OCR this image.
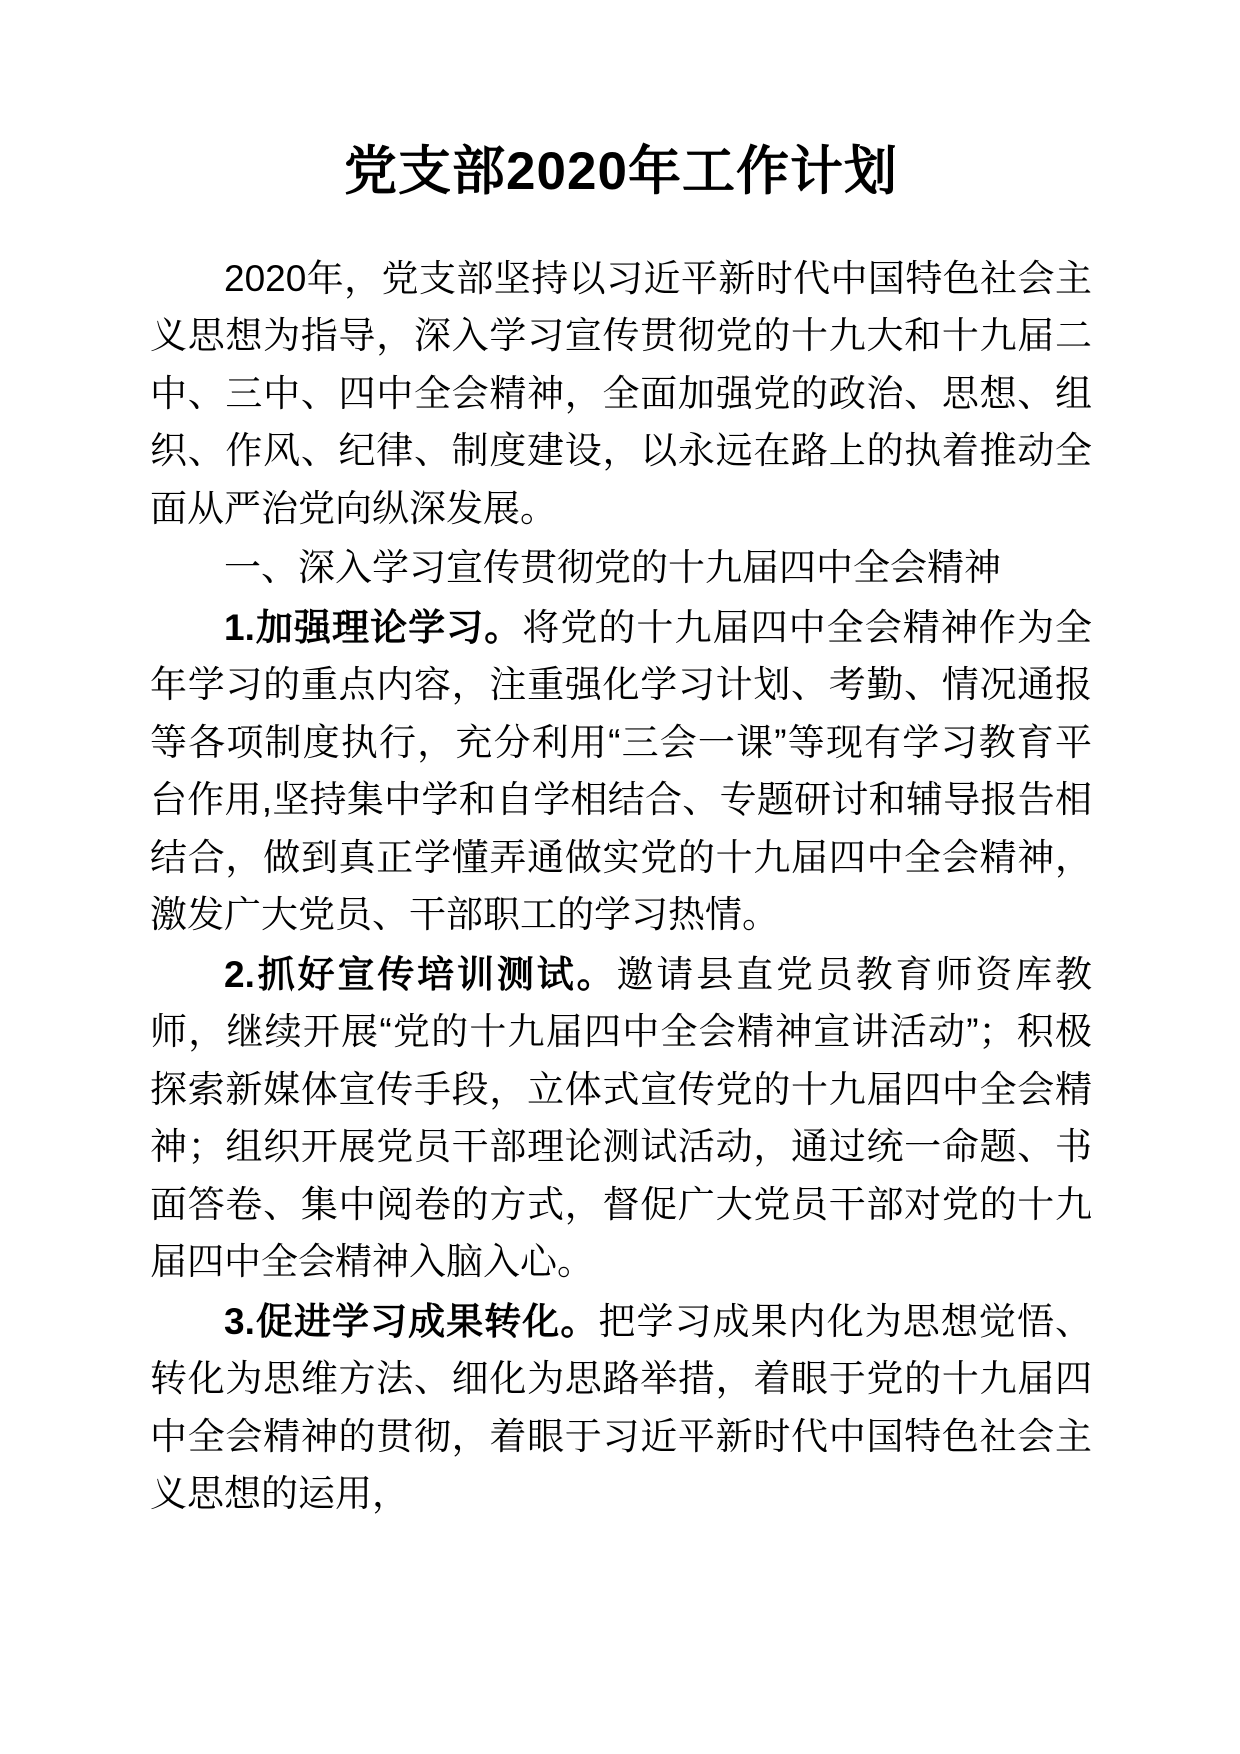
党支部2020年工作计划

2020年，党支部坚持以习近平新时代中国特色社会主义思想为指导，深入学习宣传贯彻党的十九大和十九届二中、三中、四中全会精神，全面加强党的政治、思想、组织、作风、纪律、制度建设，以永远在路上的执着推动全面从严治党向纵深发展。

一、深入学习宣传贯彻党的十九届四中全会精神

1.加强理论学习。将党的十九届四中全会精神作为全年学习的重点内容，注重强化学习计划、考勤、情况通报等各项制度执行，充分利用“三会一课”等现有学习教育平台作用,坚持集中学和自学相结合、专题研讨和辅导报告相结合，做到真正学懂弄通做实党的十九届四中全会精神，激发广大党员、干部职工的学习热情。

2.抓好宣传培训测试。邀请县直党员教育师资库教师，继续开展“党的十九届四中全会精神宣讲活动”；积极探索新媒体宣传手段，立体式宣传党的十九届四中全会精神；组织开展党员干部理论测试活动，通过统一命题、书面答卷、集中阅卷的方式，督促广大党员干部对党的十九届四中全会精神入脑入心。

3.促进学习成果转化。把学习成果内化为思想觉悟、转化为思维方法、细化为思路举措，着眼于党的十九届四中全会精神的贯彻，着眼于习近平新时代中国特色社会主义思想的运用，
